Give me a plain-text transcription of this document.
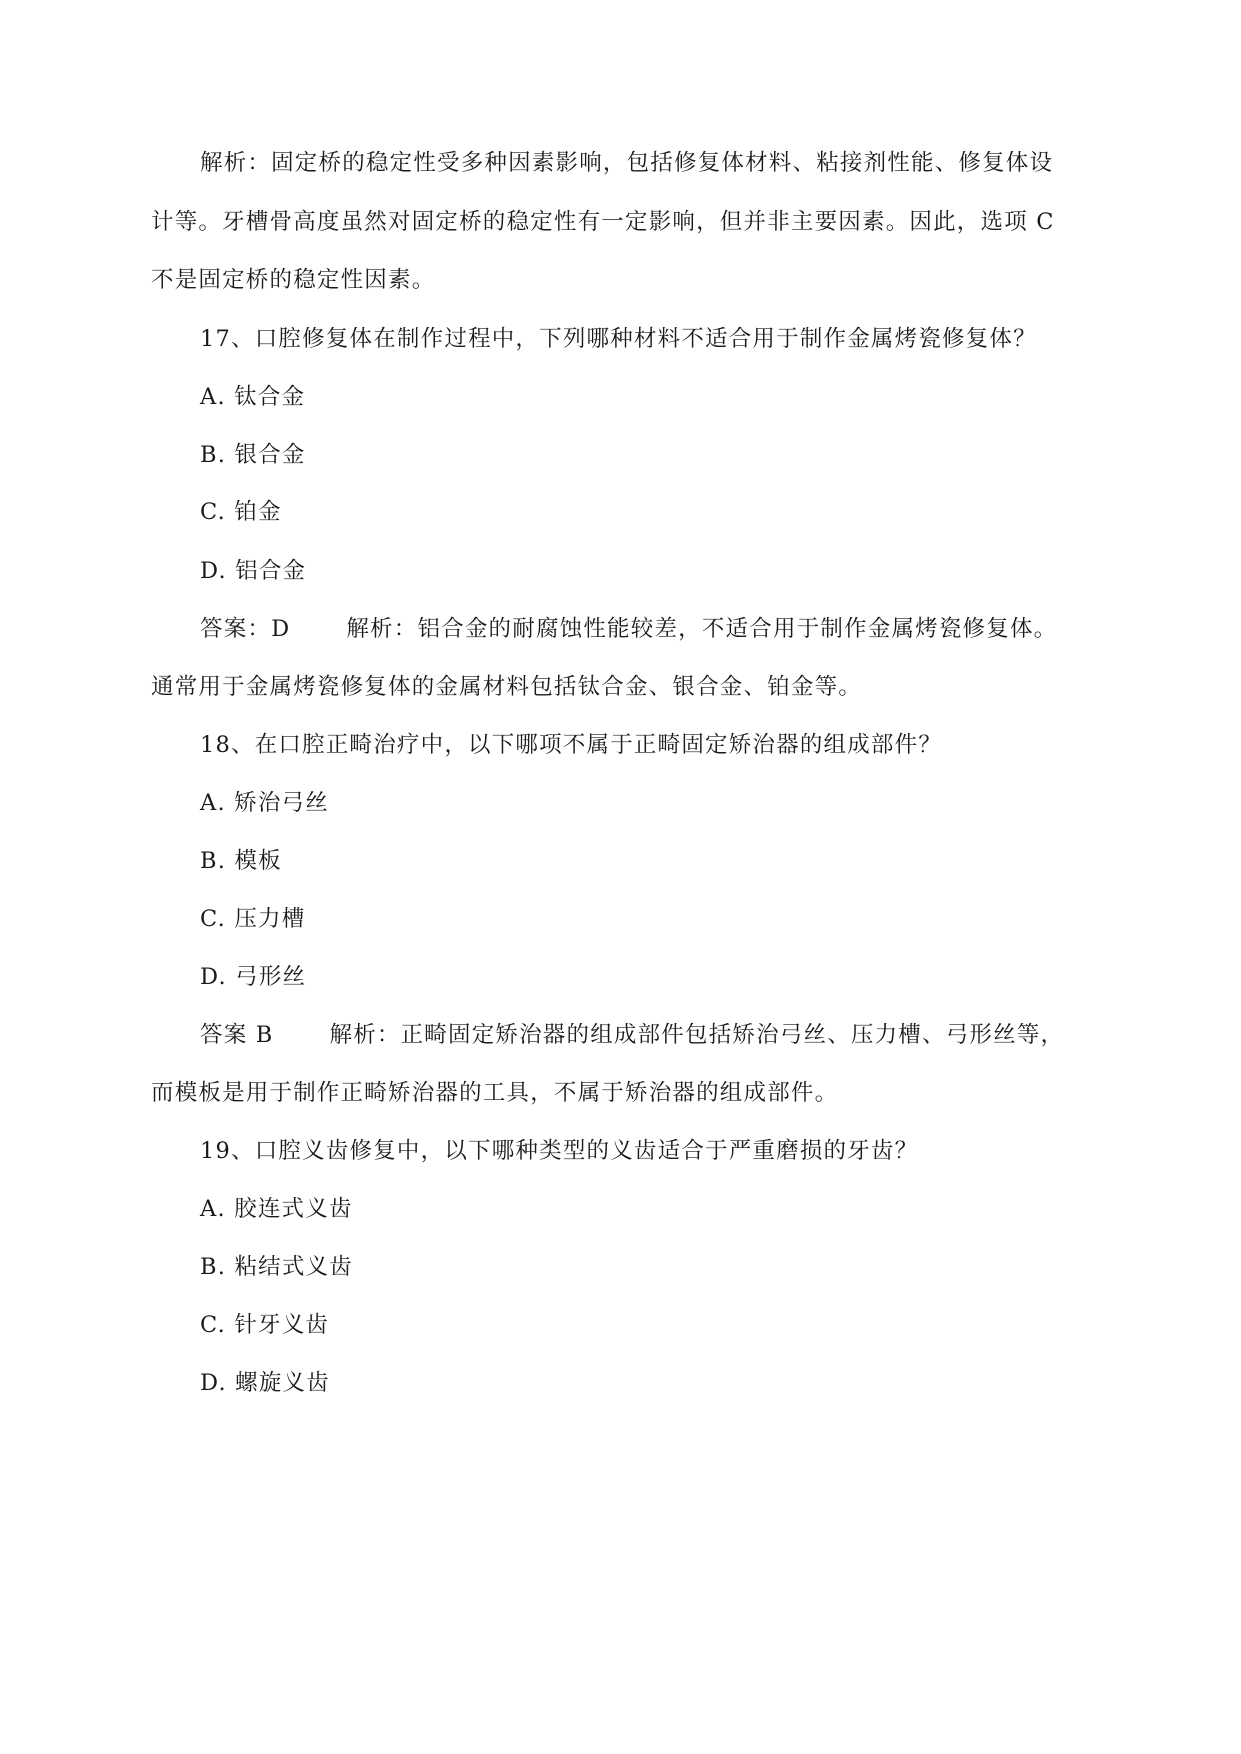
解析：固定桥的稳定性受多种因素影响，包括修复体材料、粘接剂性能、修复体设
计等。牙槽骨高度虽然对固定桥的稳定性有一定影响，但并非主要因素。因此，选项 C
不是固定桥的稳定性因素。
17、口腔修复体在制作过程中，下列哪种材料不适合用于制作金属烤瓷修复体？
A. 钛合金
B. 银合金
C. 铂金
D. 铝合金
答案：D 解析：铝合金的耐腐蚀性能较差，不适合用于制作金属烤瓷修复体。
通常用于金属烤瓷修复体的金属材料包括钛合金、银合金、铂金等。
18、在口腔正畸治疗中，以下哪项不属于正畸固定矫治器的组成部件？
A. 矫治弓丝
B. 模板
C. 压力槽
D. 弓形丝
答案 B 解析：正畸固定矫治器的组成部件包括矫治弓丝、压力槽、弓形丝等，
而模板是用于制作正畸矫治器的工具，不属于矫治器的组成部件。
19、口腔义齿修复中，以下哪种类型的义齿适合于严重磨损的牙齿？
A. 胶连式义齿
B. 粘结式义齿
C. 针牙义齿
D. 螺旋义齿
